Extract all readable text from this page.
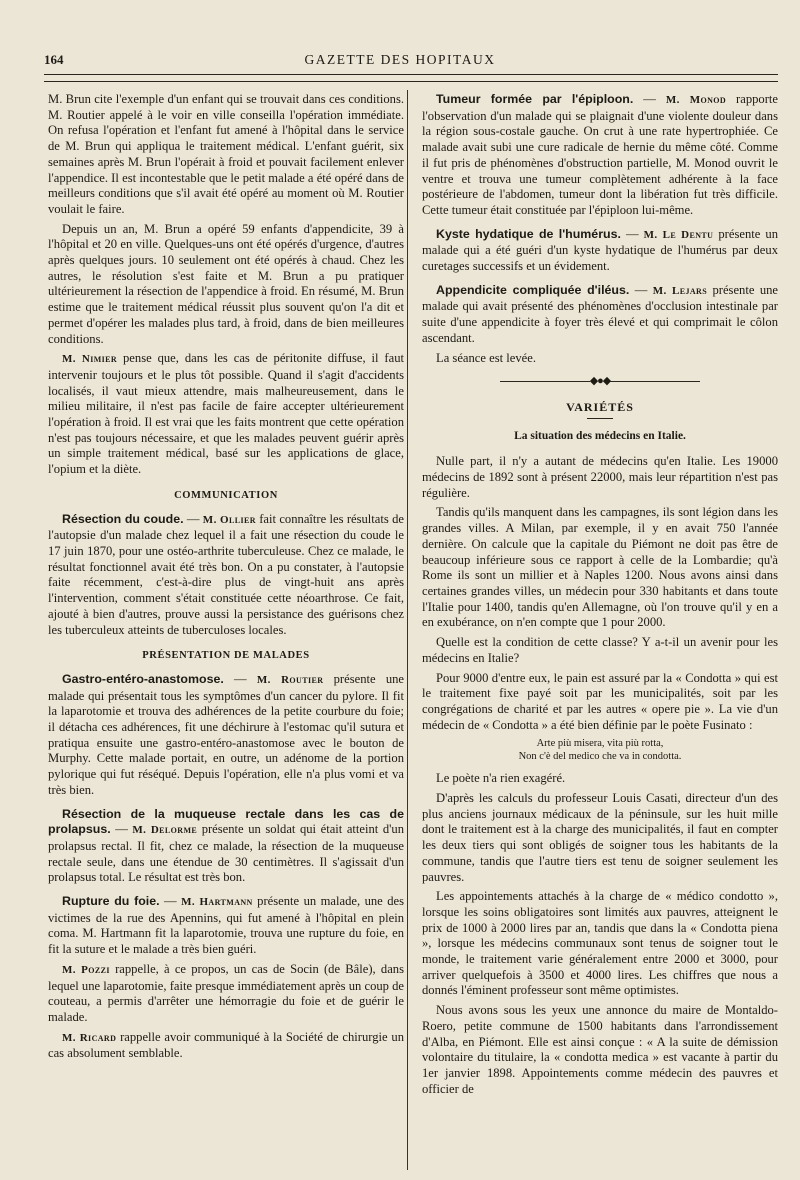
164	GAZETTE DES HOPITAUX

M. Brun cite l'exemple d'un enfant qui se trouvait dans ces conditions. M. Routier appelé à le voir en ville conseilla l'opération immédiate. On refusa l'opération et l'enfant fut amené à l'hôpital dans le service de M. Brun qui appliqua le traitement médical. L'enfant guérit, six semaines après M. Brun l'opérait à froid et pouvait facilement enlever l'appendice. Il est incontestable que le petit malade a été opéré dans de meilleurs conditions que s'il avait été opéré au moment où M. Routier voulait le faire.

Depuis un an, M. Brun a opéré 59 enfants d'appendicite, 39 à l'hôpital et 20 en ville. Quelques-uns ont été opérés d'urgence, d'autres après quelques jours. 10 seulement ont été opérés à chaud. Chez les autres, le résolution s'est faite et M. Brun a pu pratiquer ultérieurement la résection de l'appendice à froid. En résumé, M. Brun estime que le traitement médical réussit plus souvent qu'on l'a dit et permet d'opérer les malades plus tard, à froid, dans de bien meilleures conditions.

M. Nimier pense que, dans les cas de péritonite diffuse, il faut intervenir toujours et le plus tôt possible. Quand il s'agit d'accidents localisés, il vaut mieux attendre, mais malheureusement, dans le milieu militaire, il n'est pas facile de faire accepter ultérieurement l'opération à froid. Il est vrai que les faits montrent que cette opération n'est pas toujours nécessaire, et que les malades peuvent guérir après un simple traitement médical, basé sur les applications de glace, l'opium et la diète.

COMMUNICATION

Résection du coude. — M. Ollier fait connaître les résultats de l'autopsie d'un malade chez lequel il a fait une résection du coude le 17 juin 1870, pour une ostéo-arthrite tuberculeuse. Chez ce malade, le résultat fonctionnel avait été très bon. On a pu constater, à l'autopsie faite récemment, c'est-à-dire plus de vingt-huit ans après l'intervention, comment s'était constituée cette néoarthrose. Ce fait, ajouté à bien d'autres, prouve aussi la persistance des guérisons chez les tuberculeux atteints de tuberculoses locales.

PRÉSENTATION DE MALADES

Gastro-entéro-anastomose. — M. Routier présente une malade qui présentait tous les symptômes d'un cancer du pylore. Il fit la laparotomie et trouva des adhérences de la petite courbure du foie; il détacha ces adhérences, fit une déchirure à l'estomac qu'il sutura et pratiqua ensuite une gastro-entéro-anastomose avec le bouton de Murphy. Cette malade portait, en outre, un adénome de la portion pylorique qui fut réséqué. Depuis l'opération, elle n'a plus vomi et va très bien.

Résection de la muqueuse rectale dans les cas de prolapsus. — M. Delorme présente un soldat qui était atteint d'un prolapsus rectal. Il fit, chez ce malade, la résection de la muqueuse rectale seule, dans une étendue de 30 centimètres. Il s'agissait d'un prolapsus total. Le résultat est très bon.

Rupture du foie. — M. Hartmann présente un malade, une des victimes de la rue des Apennins, qui fut amené à l'hôpital en plein coma. M. Hartmann fit la laparotomie, trouva une rupture du foie, en fit la suture et le malade a très bien guéri.

M. Pozzi rappelle, à ce propos, un cas de Socin (de Bâle), dans lequel une laparotomie, faite presque immédiatement après un coup de couteau, a permis d'arrêter une hémorragie du foie et de guérir le malade.

M. Ricard rappelle avoir communiqué à la Société de chirurgie un cas absolument semblable.

Tumeur formée par l'épiploon. — M. Monod rapporte l'observation d'un malade qui se plaignait d'une violente douleur dans la région sous-costale gauche. On crut à une rate hypertrophiée. Ce malade avait subi une cure radicale de hernie du même côté. Comme il fut pris de phénomènes d'obstruction partielle, M. Monod ouvrit le ventre et trouva une tumeur complètement adhérente à la face postérieure de l'abdomen, tumeur dont la libération fut très difficile. Cette tumeur était constituée par l'épiploon lui-même.

Kyste hydatique de l'humérus. — M. Le Dentu présente un malade qui a été guéri d'un kyste hydatique de l'humérus par deux curetages successifs et un évidement.

Appendicite compliquée d'iléus. — M. Lejars présente une malade qui avait présenté des phénomènes d'occlusion intestinale par suite d'une appendicite à foyer très élevé et qui comprimait le côlon ascendant.

La séance est levée.

◆●◆
VARIÉTÉS
La situation des médecins en Italie.

Nulle part, il n'y a autant de médecins qu'en Italie. Les 19000 médecins de 1892 sont à présent 22000, mais leur répartition n'est pas régulière.

Tandis qu'ils manquent dans les campagnes, ils sont légion dans les grandes villes. A Milan, par exemple, il y en avait 750 l'année dernière. On calcule que la capitale du Piémont ne doit pas être de beaucoup inférieure sous ce rapport à celle de la Lombardie; qu'à Rome ils sont un millier et à Naples 1200. Nous avons ainsi dans certaines grandes villes, un médecin pour 330 habitants et dans toute l'Italie pour 1400, tandis qu'en Allemagne, où l'on trouve qu'il y en a en exubérance, on n'en compte que 1 pour 2000.

Quelle est la condition de cette classe? Y a-t-il un avenir pour les médecins en Italie?

Pour 9000 d'entre eux, le pain est assuré par la « Condotta » qui est le traitement fixe payé soit par les municipalités, soit par les congrégations de charité et par les autres « opere pie ». La vie d'un médecin de « Condotta » a été bien définie par le poète Fusinato :

Arte più misera, vita più rotta,
Non c'è del medico che va in condotta.

Le poète n'a rien exagéré.

D'après les calculs du professeur Louis Casati, directeur d'un des plus anciens journaux médicaux de la péninsule, sur les huit mille dont le traitement est à la charge des municipalités, il faut en compter les deux tiers qui sont obligés de soigner tous les habitants de la commune, tandis que l'autre tiers est tenu de soigner seulement les pauvres.

Les appointements attachés à la charge de « médico condotto », lorsque les soins obligatoires sont limités aux pauvres, atteignent le prix de 1000 à 2000 lires par an, tandis que dans la « Condotta piena », lorsque les médecins communaux sont tenus de soigner tout le monde, le traitement varie généralement entre 2000 et 3000, pour arriver quelquefois à 3500 et 4000 lires. Les chiffres que nous a donnés l'éminent professeur sont même optimistes.

Nous avons sous les yeux une annonce du maire de Montaldo-Roero, petite commune de 1500 habitants dans l'arrondissement d'Alba, en Piémont. Elle est ainsi conçue : « A la suite de démission volontaire du titulaire, la « condotta medica » est vacante à partir du 1er janvier 1898. Appointements comme médecin des pauvres et officier de
